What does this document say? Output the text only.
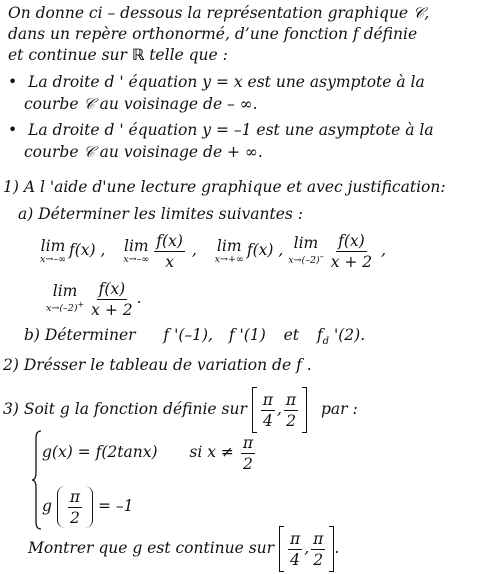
On donne ci – dessous la représentation graphique 𝒞,
dans un repère orthonormé, d’une fonction f définie
et continue sur ℝ telle que :
• La droite d ' équation y = x est une asymptote à la
courbe 𝒞 au voisinage de – ∞.
• La droite d ' équation y = –1 est une asymptote à la
courbe 𝒞 au voisinage de + ∞.
1) A l 'aide d'une lecture graphique et avec justification:
a) Déterminer les limites suivantes :
lim
x→–∞ f(x) , lim
$x\to-\infty \frac{f(x)}{x}$ , lim
x→+∞ f(x) , lim
$x\to(-2)^- \frac{f(x)}{x + 2}$ ,
lim
$x\to(-2)^+ \frac{f(x)}{x + 2}$ .
b) Déterminer f '(–1), f '(1) et $f_d$ '(2).
2) Drésser le tableau de variation de f .
3) Soit g la fonction définie sur $\frac{\pi}{4}$ , $\frac{\pi}{2}$ par :
g(x) = f(2tanx) si $x \ne \frac{\pi}{2}$
g $\frac{\pi}{2} = -1$
Montrer que g est continue sur $\frac{\pi}{4}$ , $\frac{\pi}{2}$ .
